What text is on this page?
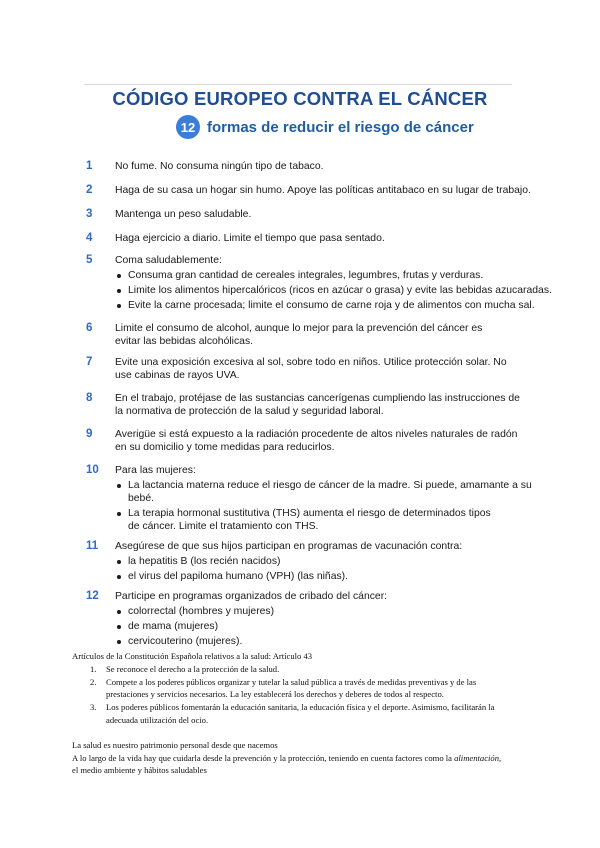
CÓDIGO EUROPEO CONTRA EL CÁNCER
12 formas de reducir el riesgo de cáncer
1	No fume. No consuma ningún tipo de tabaco.
2	Haga de su casa un hogar sin humo. Apoye las políticas antitabaco en su lugar de trabajo.
3	Mantenga un peso saludable.
4	Haga ejercicio a diario. Limite el tiempo que pasa sentado.
5	Coma saludablemente:
Consuma gran cantidad de cereales integrales, legumbres, frutas y verduras.
Limite los alimentos hipercalóricos (ricos en azúcar o grasa) y evite las bebidas azucaradas.
Evite la carne procesada; limite el consumo de carne roja y de alimentos con mucha sal.
6	Limite el consumo de alcohol, aunque lo mejor para la prevención del cáncer es
evitar las bebidas alcohólicas.
7	Evite una exposición excesiva al sol, sobre todo en niños. Utilice protección solar. No
use cabinas de rayos UVA.
8	En el trabajo, protéjase de las sustancias cancerígenas cumpliendo las instrucciones de
la normativa de protección de la salud y seguridad laboral.
9	Averigüe si está expuesto a la radiación procedente de altos niveles naturales de radón
en su domicilio y tome medidas para reducirlos.
10	Para las mujeres:
La lactancia materna reduce el riesgo de cáncer de la madre. Si puede, amamante a su
bebé.
La terapia hormonal sustitutiva (THS) aumenta el riesgo de determinados tipos
de cáncer. Limite el tratamiento con THS.
11	Asegúrese de que sus hijos participan en programas de vacunación contra:
la hepatitis B (los recién nacidos)
el virus del papiloma humano (VPH) (las niñas).
12	Participe en programas organizados de cribado del cáncer:
colorrectal (hombres y mujeres)
de mama (mujeres)
cervicouterino (mujeres).

Artículos de la Constitución Española relativos a la salud: Artículo 43

1. Se reconoce el derecho a la protección de la salud.
2. Compete a los poderes públicos organizar y tutelar la salud pública a través de medidas preventivas y de las
prestaciones y servicios necesarios. La ley establecerá los derechos y deberes de todos al respecto.
3. Los poderes públicos fomentarán la educación sanitaria, la educación física y el deporte. Asimismo, facilitarán la
adecuada utilización del ocio.

La salud es nuestro patrimonio personal desde que nacemos

A lo largo de la vida hay que cuidarla desde la prevención y la protección, teniendo en cuenta factores como la alimentación,

el medio ambiente y hábitos saludables
